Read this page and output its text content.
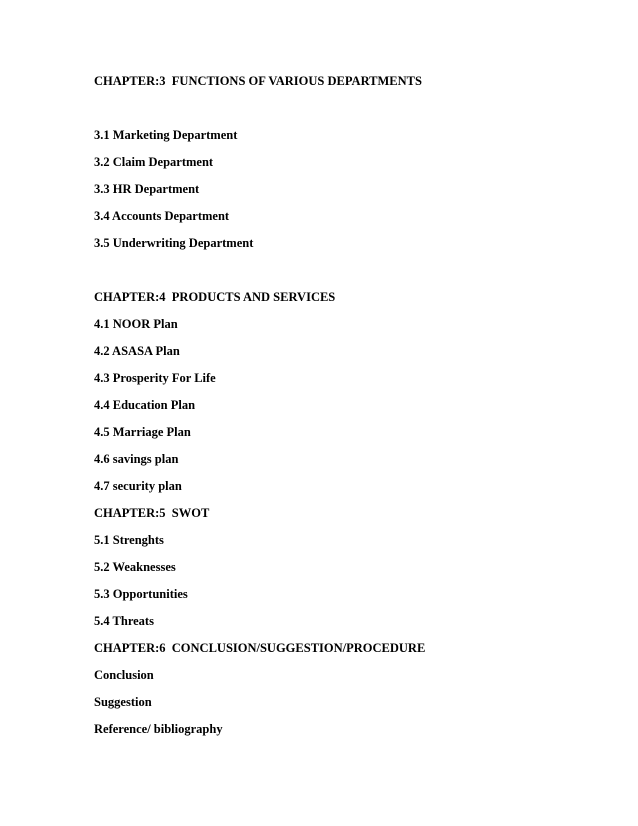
CHAPTER:3  FUNCTIONS OF VARIOUS DEPARTMENTS

3.1 Marketing Department

3.2 Claim Department

3.3 HR Department

3.4 Accounts Department

3.5 Underwriting Department

CHAPTER:4  PRODUCTS AND SERVICES

4.1 NOOR Plan

4.2 ASASA Plan

4.3 Prosperity For Life

4.4 Education Plan

4.5 Marriage Plan

4.6 savings plan

4.7 security plan

CHAPTER:5  SWOT

5.1 Strenghts

5.2 Weaknesses

5.3 Opportunities

5.4 Threats

CHAPTER:6  CONCLUSION/SUGGESTION/PROCEDURE

Conclusion

Suggestion

Reference/ bibliography
